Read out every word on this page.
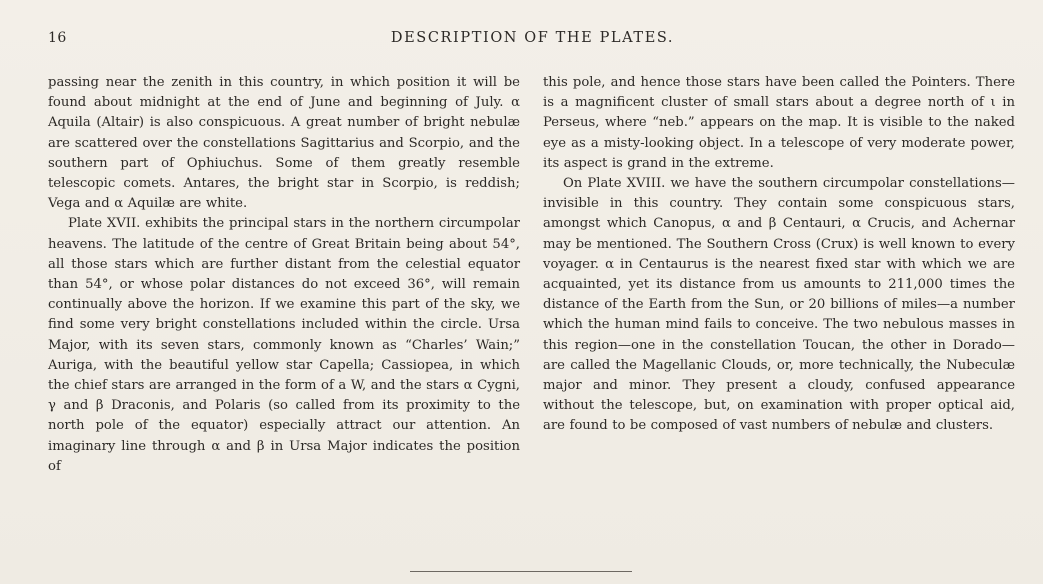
16	DESCRIPTION OF THE PLATES.

passing near the zenith in this country, in which position it will be found about midnight at the end of June and beginning of July. α Aquila (Altair) is also conspicuous. A great number of bright nebulæ are scattered over the constellations Sagittarius and Scorpio, and the southern part of Ophiuchus. Some of them greatly resemble telescopic comets. Antares, the bright star in Scorpio, is reddish; Vega and α Aquilæ are white.

Plate XVII. exhibits the principal stars in the northern circumpolar heavens. The latitude of the centre of Great Britain being about 54°, all those stars which are further distant from the celestial equator than 54°, or whose polar distances do not exceed 36°, will remain continually above the horizon. If we examine this part of the sky, we find some very bright constellations included within the circle. Ursa Major, with its seven stars, commonly known as “Charles’ Wain;” Auriga, with the beautiful yellow star Capella; Cassiopea, in which the chief stars are arranged in the form of a W, and the stars α Cygni, γ and β Draconis, and Polaris (so called from its proximity to the north pole of the equator) especially attract our attention. An imaginary line through α and β in Ursa Major indicates the position of

this pole, and hence those stars have been called the Pointers. There is a magnificent cluster of small stars about a degree north of ι in Perseus, where “neb.” appears on the map. It is visible to the naked eye as a misty-looking object. In a telescope of very moderate power, its aspect is grand in the extreme.

On Plate XVIII. we have the southern circumpolar constellations—invisible in this country. They contain some conspicuous stars, amongst which Canopus, α and β Centauri, α Crucis, and Achernar may be mentioned. The Southern Cross (Crux) is well known to every voyager. α in Centaurus is the nearest fixed star with which we are acquainted, yet its distance from us amounts to 211,000 times the distance of the Earth from the Sun, or 20 billions of miles—a number which the human mind fails to conceive. The two nebulous masses in this region—one in the constellation Toucan, the other in Dorado—are called the Magellanic Clouds, or, more technically, the Nubeculæ major and minor. They present a cloudy, confused appearance without the telescope, but, on examination with proper optical aid, are found to be composed of vast numbers of nebulæ and clusters.
